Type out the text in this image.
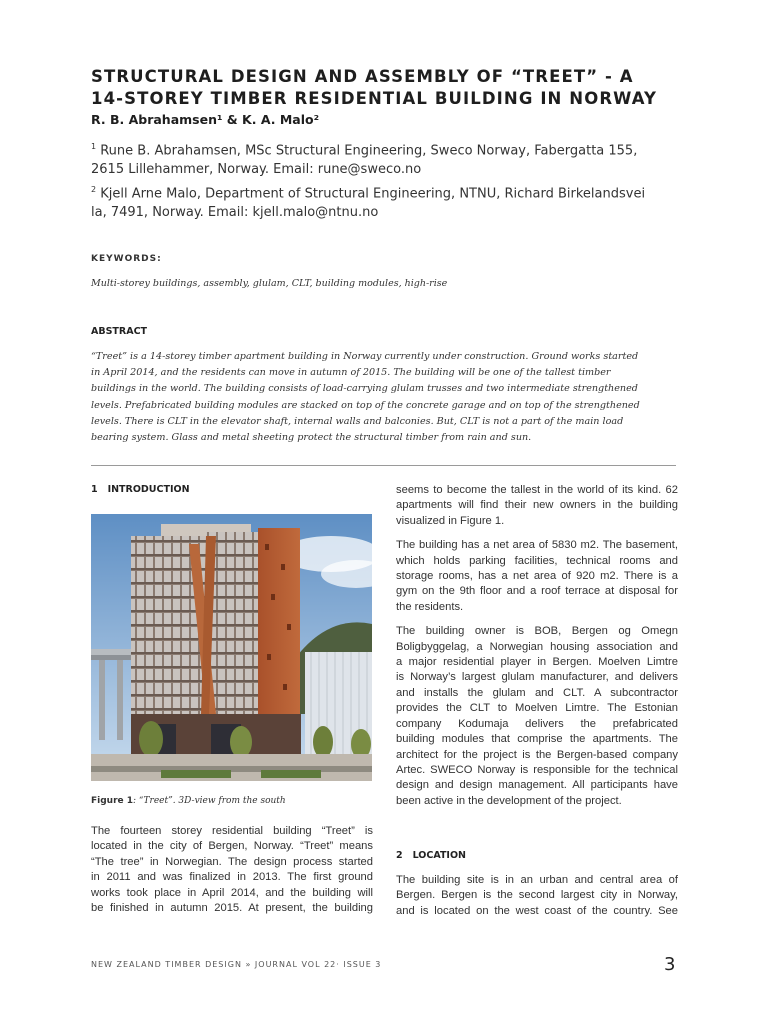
STRUCTURAL DESIGN AND ASSEMBLY OF “TREET” - A
14-STOREY TIMBER RESIDENTIAL BUILDING IN NORWAY
R. B. Abrahamsen¹ & K. A. Malo²
$^1$ Rune B. Abrahamsen, MSc Structural Engineering, Sweco Norway, Fabergatta 155,
2615 Lillehammer, Norway. Email: rune@sweco.no
$^2$ Kjell Arne Malo, Department of Structural Engineering, NTNU, Richard Birkelandsvei
la, 7491, Norway. Email: kjell.malo@ntnu.no
KEYWORDS:
Multi-storey buildings, assembly, glulam, CLT, building modules, high-rise
ABSTRACT
“Treet” is a 14-storey timber apartment building in Norway currently under construction. Ground works started
in April 2014, and the residents can move in autumn of 2015. The building will be one of the tallest timber
buildings in the world. The building consists of load-carrying glulam trusses and two intermediate strengthened
levels. Prefabricated building modules are stacked on top of the concrete garage and on top of the strengthened
levels. There is CLT in the elevator shaft, internal walls and balconies. But, CLT is not a part of the main load
bearing system. Glass and metal sheeting protect the structural timber from rain and sun.
1 INTRODUCTION
Figure 1: “Treet”. 3D-view from the south

The fourteen storey residential building “Treet” is
located in the city of Bergen, Norway. “Treet” means
“The tree” in Norwegian. The design process started
in 2011 and was finalized in 2013. The first ground
works took place in April 2014, and the building will
be finished in autumn 2015. At present, the building

seems to become the tallest in the world of its kind. 62
apartments will find their new owners in the building
visualized in Figure 1.

The building has a net area of 5830 m2. The basement,
which holds parking facilities, technical rooms and
storage rooms, has a net area of 920 m2. There is a
gym on the 9th floor and a roof terrace at disposal for
the residents.

The building owner is BOB, Bergen og Omegn
Boligbyggelag, a Norwegian housing association and
a major residential player in Bergen. Moelven Limtre
is Norway’s largest glulam manufacturer, and delivers
and installs the glulam and CLT. A subcontractor
provides the CLT to Moelven Limtre. The Estonian
company Kodumaja delivers the prefabricated
building modules that comprise the apartments. The
architect for the project is the Bergen-based company
Artec. SWECO Norway is responsible for the technical
design and design management. All participants have
been active in the development of the project.

2 LOCATION

The building site is in an urban and central area of
Bergen. Bergen is the second largest city in Norway,
and is located on the west coast of the country. See

NEW ZEALAND TIMBER DESIGN » JOURNAL VOL 22· ISSUE 3	3
